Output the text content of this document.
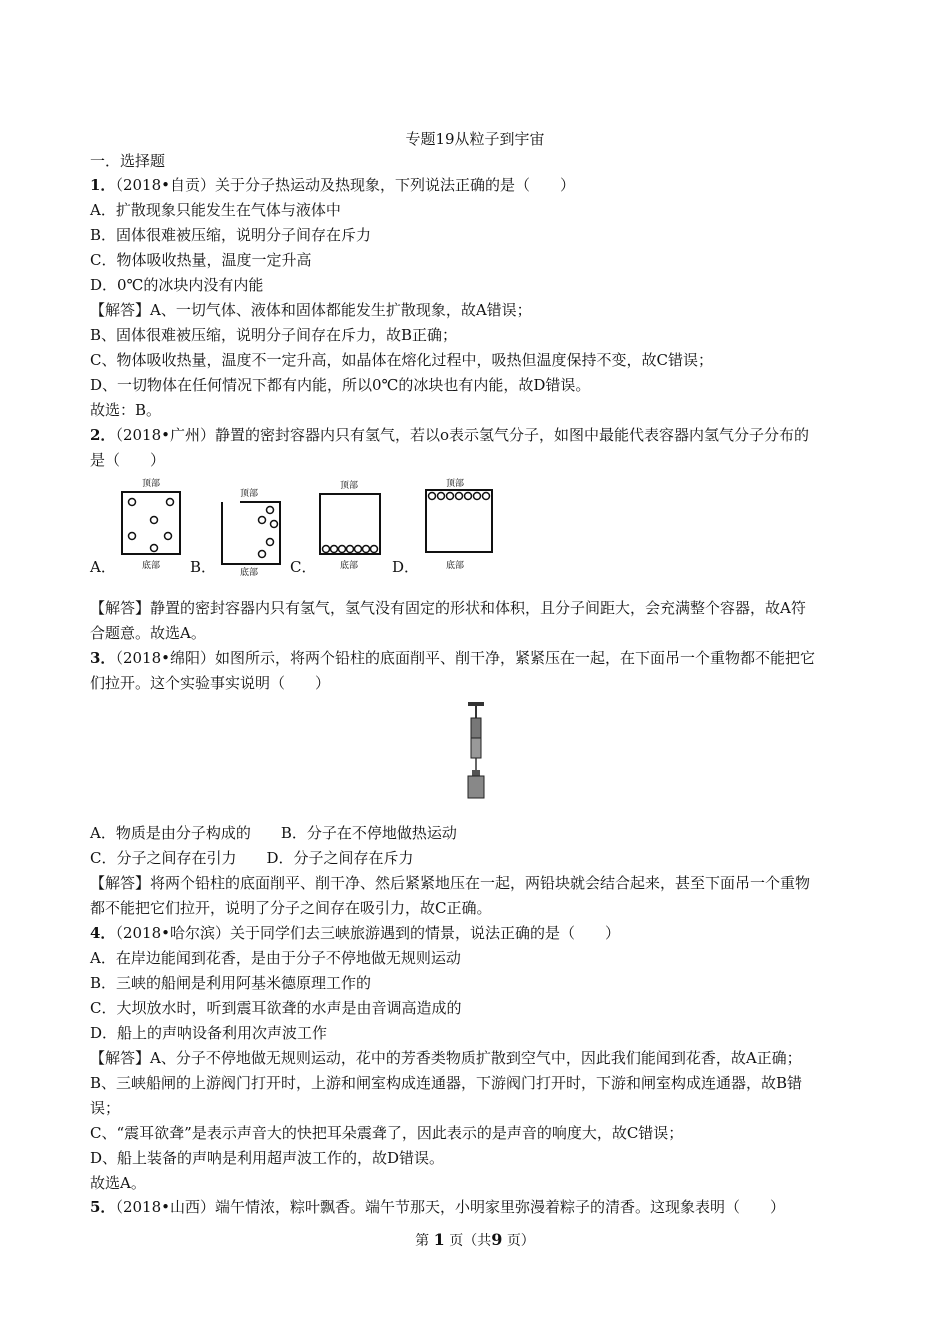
专题19从粒子到宇宙
一．选择题
1．（2018•自贡）关于分子热运动及热现象，下列说法正确的是（　　）
A．扩散现象只能发生在气体与液体中
B．固体很难被压缩，说明分子间存在斥力
C．物体吸收热量，温度一定升高
D．0℃的冰块内没有内能
【解答】A、一切气体、液体和固体都能发生扩散现象，故A错误；
B、固体很难被压缩，说明分子间存在斥力，故B正确；
C、物体吸收热量，温度不一定升高，如晶体在熔化过程中，吸热但温度保持不变，故C错误；
D、一切物体在任何情况下都有内能，所以0℃的冰块也有内能，故D错误。
故选：B。
2．（2018•广州）静置的密封容器内只有氢气，若以o表示氢气分子，如图中最能代表容器内氢气分子分布的
是（　　）
顶部
底部
顶部
底部
顶部
底部
顶部
底部
A．	B．	C．	D．
【解答】静置的密封容器内只有氢气，氢气没有固定的形状和体积，且分子间距大，会充满整个容器，故A符
合题意。故选A。
3．（2018•绵阳）如图所示，将两个铅柱的底面削平、削干净，紧紧压在一起，在下面吊一个重物都不能把它
们拉开。这个实验事实说明（　　）
A．物质是由分子构成的　　B．分子在不停地做热运动
C．分子之间存在引力　　D．分子之间存在斥力
【解答】将两个铅柱的底面削平、削干净、然后紧紧地压在一起，两铅块就会结合起来，甚至下面吊一个重物
都不能把它们拉开，说明了分子之间存在吸引力，故C正确。
4．（2018•哈尔滨）关于同学们去三峡旅游遇到的情景，说法正确的是（　　）
A．在岸边能闻到花香，是由于分子不停地做无规则运动
B．三峡的船闸是利用阿基米德原理工作的
C．大坝放水时，听到震耳欲聋的水声是由音调高造成的
D．船上的声呐设备利用次声波工作
【解答】A、分子不停地做无规则运动，花中的芳香类物质扩散到空气中，因此我们能闻到花香，故A正确；
B、三峡船闸的上游阀门打开时，上游和闸室构成连通器，下游阀门打开时，下游和闸室构成连通器，故B错
误；
C、“震耳欲聋”是表示声音大的快把耳朵震聋了，因此表示的是声音的响度大，故C错误；
D、船上装备的声呐是利用超声波工作的，故D错误。
故选A。
5．（2018•山西）端午情浓，粽叶飘香。端午节那天，小明家里弥漫着粽子的清香。这现象表明（　　）
第 1 页（共9 页）
